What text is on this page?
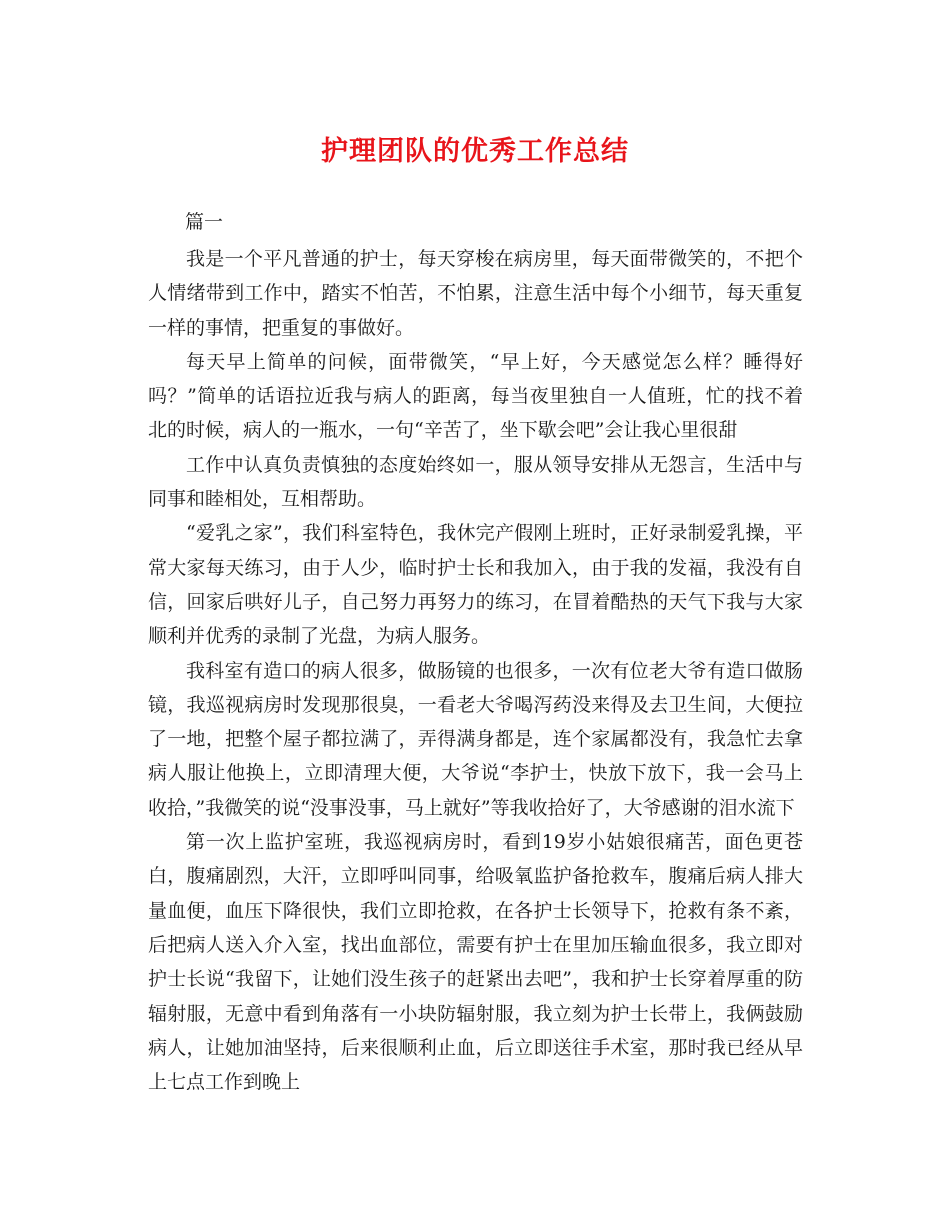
护理团队的优秀工作总结
篇一

我是一个平凡普通的护士，每天穿梭在病房里，每天面带微笑的，不把个人情绪带到工作中，踏实不怕苦，不怕累，注意生活中每个小细节，每天重复一样的事情，把重复的事做好。

每天早上简单的问候，面带微笑，“早上好，今天感觉怎么样？睡得好吗？”简单的话语拉近我与病人的距离，每当夜里独自一人值班，忙的找不着北的时候，病人的一瓶水，一句“辛苦了，坐下歇会吧”会让我心里很甜

工作中认真负责慎独的态度始终如一，服从领导安排从无怨言，生活中与同事和睦相处，互相帮助。

“爱乳之家”，我们科室特色，我休完产假刚上班时，正好录制爱乳操，平常大家每天练习，由于人少，临时护士长和我加入，由于我的发福，我没有自信，回家后哄好儿子，自己努力再努力的练习，在冒着酷热的天气下我与大家顺利并优秀的录制了光盘，为病人服务。

我科室有造口的病人很多，做肠镜的也很多，一次有位老大爷有造口做肠镜，我巡视病房时发现那很臭，一看老大爷喝泻药没来得及去卫生间，大便拉了一地，把整个屋子都拉满了，弄得满身都是，连个家属都没有，我急忙去拿病人服让他换上，立即清理大便，大爷说“李护士，快放下放下，我一会马上收拾，”我微笑的说“没事没事，马上就好”等我收拾好了，大爷感谢的泪水流下

第一次上监护室班，我巡视病房时，看到19岁小姑娘很痛苦，面色更苍白，腹痛剧烈，大汗，立即呼叫同事，给吸氧监护备抢救车，腹痛后病人排大量血便，血压下降很快，我们立即抢救，在各护士长领导下，抢救有条不紊，后把病人送入介入室，找出血部位，需要有护士在里加压输血很多，我立即对护士长说“我留下，让她们没生孩子的赶紧出去吧”，我和护士长穿着厚重的防辐射服，无意中看到角落有一小块防辐射服，我立刻为护士长带上，我俩鼓励病人，让她加油坚持，后来很顺利止血，后立即送往手术室，那时我已经从早上七点工作到晚上
